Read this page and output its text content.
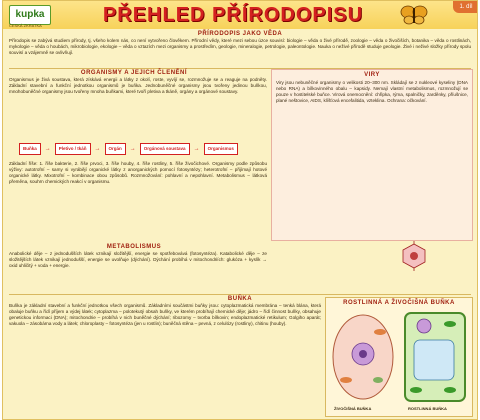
kupka
ČESKÁ ZKRATKA	PŘEHLED PŘÍRODOPISU	1. díl
PŘÍRODOPIS JAKO VĚDA
Přírodopis se zabývá studiem přírody, tj. všeho kolem nás, co není vytvořeno člověkem. Přírodní vědy, které mezi sebou úzce souvisí: biologie – věda o živé přírodě, zoologie – věda o živočiších, botanika – věda o rostlinách, mykologie – věda o houbách, mikrobiologie, ekologie – věda o vztazích mezi organismy a prostředím, geologie, mineralogie, petrologie, paleontologie. Nauka o neživé přírodě studuje geologie. Živé i neživé složky přírody spolu souvisí a vzájemně se ovlivňují.
ORGANISMY A JEJICH ČLENĚNÍ
Organismus je živá soustava, která získává energii a látky z okolí, roste, vyvíjí se, rozmnožuje se a reaguje na podněty. Základní stavební a funkční jednotkou organismů je buňka. Jednobuněčné organismy jsou tvořeny jedinou buňkou, mnohobuněčné organismy jsou tvořeny mnoha buňkami, které tvoří pletiva a tkáně, orgány a orgánové soustavy.
Buňka	→	Pletivo / tkáň	→	Orgán	→	Orgánová soustava	→	Organismus
Základní říše: 1. říše bakterie, 2. říše prvoci, 3. říše houby, 4. říše rostliny, 5. říše živočichové. Organismy podle způsobu výživy: autotrofní – samy si vyrábějí organické látky z anorganických pomocí fotosyntézy; heterotrofní – přijímají hotové organické látky. Mixotrofní – kombinace obou způsobů. Rozmnožování: pohlavní a nepohlavní. Metabolismus – látková přeměna, souhrn chemických reakcí v organismu.
VIRY
Viry jsou nebuněčné organismy o velikosti 20–300 nm. Skládají se z nukleové kyseliny (DNA nebo RNA) a bílkovinného obalu – kapsidy. Nemají vlastní metabolismus, rozmnožují se pouze v hostitelské buňce. Virová onemocnění: chřipka, rýma, spalničky, zarděnky, příušnice, plané neštovice, AIDS, klíšťová encefalitida, vzteklina. Ochrana: očkování.
METABOLISMUS
Anabolické děje – z jednodušších látek vznikají složitější, energie se spotřebovává (fotosyntéza). Katabolické děje – ze složitějších látek vznikají jednodušší, energie se uvolňuje (dýchání). Dýchání probíhá v mitochondriích: glukóza + kyslík → oxid uhličitý + voda + energie.
BUŇKA
Buňka je základní stavební a funkční jednotkou všech organismů. Základními součástmi buňky jsou: cytoplazmatická membrána – tenká blána, která obaluje buňku a řídí příjem a výdej látek; cytoplazma – polotekutý obsah buňky, ve kterém probíhají chemické děje; jádro – řídí činnost buňky, obsahuje genetickou informaci (DNA); mitochondrie – probíhá v nich buněčné dýchání; ribozomy – tvorba bílkovin; endoplazmatické retikulum; Golgiho aparát; vakuola – zásobárna vody a látek; chloroplasty – fotosyntéza (jen u rostlin); buněčná stěna – pevná, z celulózy (rostliny), chitinu (houby).
ROSTLINNÁ A ŽIVOČIŠNÁ BUŇKA
ŽIVOČIŠNÁ BUŇKA	ROSTLINNÁ BUŇKA
